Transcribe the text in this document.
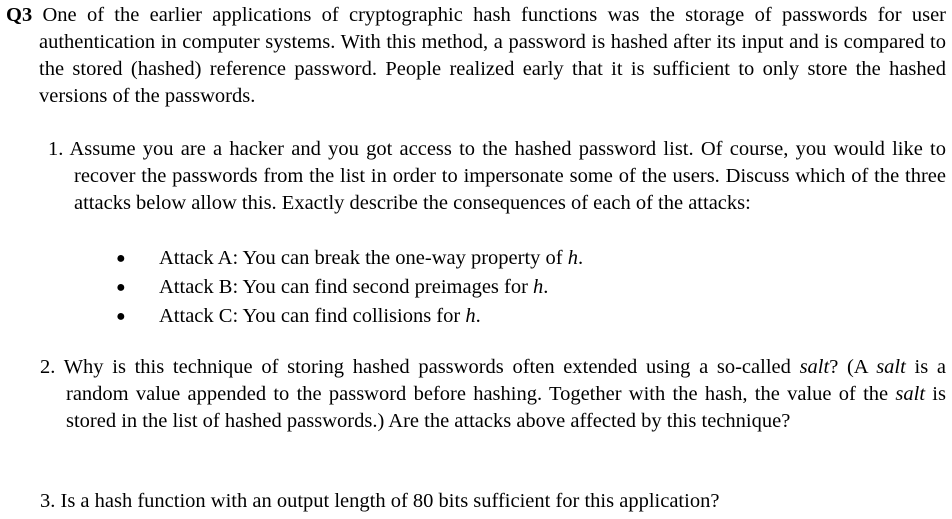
Q3 One of the earlier applications of cryptographic hash functions was the storage of passwords for user authentication in computer systems. With this method, a password is hashed after its input and is compared to the stored (hashed) reference password. People realized early that it is sufficient to only store the hashed versions of the passwords.
1. Assume you are a hacker and you got access to the hashed password list. Of course, you would like to recover the passwords from the list in order to impersonate some of the users. Discuss which of the three attacks below allow this. Exactly describe the consequences of each of the attacks:
● Attack A: You can break the one-way property of h.
● Attack B: You can find second preimages for h.
● Attack C: You can find collisions for h.
2. Why is this technique of storing hashed passwords often extended using a so-called salt? (A salt is a random value appended to the password before hashing. Together with the hash, the value of the salt is stored in the list of hashed passwords.) Are the attacks above affected by this technique?
3. Is a hash function with an output length of 80 bits sufficient for this application?
